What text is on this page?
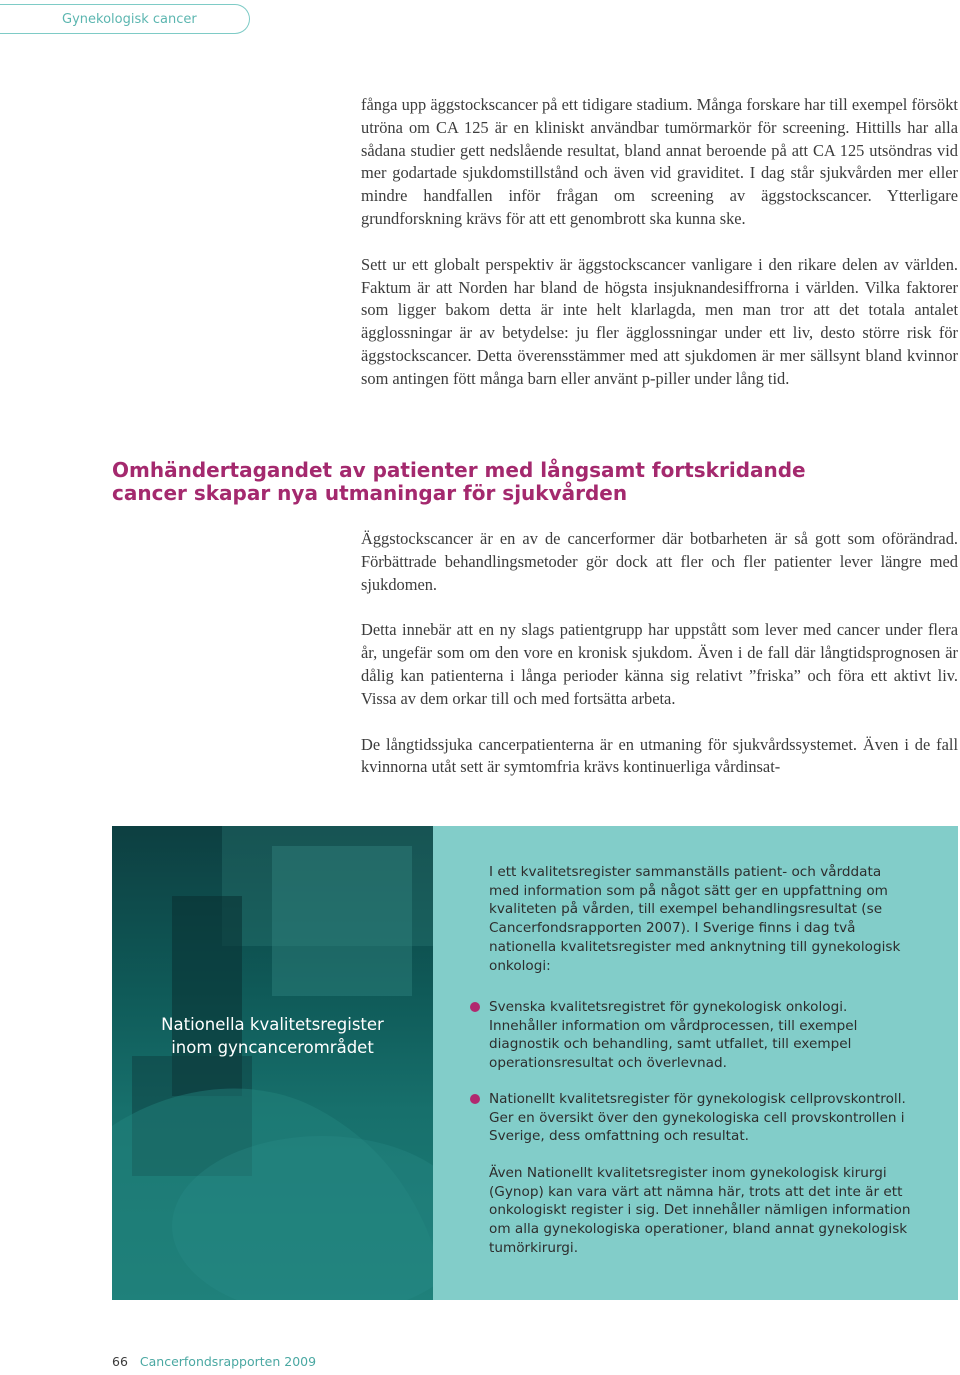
Gynekologisk cancer

fånga upp äggstockscancer på ett tidigare stadium. Många forskare har till exempel försökt utröna om CA 125 är en kliniskt användbar tumörmarkör för screening. Hittills har alla sådana studier gett nedslående resultat, bland annat beroende på att CA 125 utsöndras vid mer godartade sjukdomstillstånd och även vid graviditet. I dag står sjukvården mer eller mindre handfallen inför frågan om screening av äggstockscancer. Ytterligare grundforskning krävs för att ett genombrott ska kunna ske.

Sett ur ett globalt perspektiv är äggstockscancer vanligare i den rikare delen av världen. Faktum är att Norden har bland de högsta insjuknandesiffrorna i världen. Vilka faktorer som ligger bakom detta är inte helt klarlagda, men man tror att det totala antalet ägglossningar är av betydelse: ju fler ägglossningar under ett liv, desto större risk för äggstockscancer. Detta överensstämmer med att sjukdomen är mer sällsynt bland kvinnor som antingen fött många barn eller använt p-piller under lång tid.

Omhändertagandet av patienter med långsamt fortskridande
cancer skapar nya utmaningar för sjukvården

Äggstockscancer är en av de cancerformer där botbarheten är så gott som oförändrad. Förbättrade behandlingsmetoder gör dock att fler och fler patienter lever längre med sjukdomen.

Detta innebär att en ny slags patientgrupp har uppstått som lever med cancer under flera år, ungefär som om den vore en kronisk sjukdom. Även i de fall där långtidsprognosen är dålig kan patienterna i långa perioder känna sig relativt ”friska” och föra ett aktivt liv. Vissa av dem orkar till och med fortsätta arbeta.

De långtidssjuka cancerpatienterna är en utmaning för sjukvårdssystemet. Även i de fall kvinnorna utåt sett är symtomfria krävs kontinuerliga vårdinsat-

Nationella kvalitetsregister
inom gyncancerområdet

I ett kvalitetsregister sammanställs patient- och vårddata med information som på något sätt ger en uppfattning om kvaliteten på vården, till exempel behandlingsresultat (se Cancerfondsrapporten 2007). I Sverige finns i dag två nationella kvalitetsregister med anknytning till gynekologisk onkologi:

Svenska kvalitetsregistret för gynekologisk onkologi. Innehåller information om vårdprocessen, till exempel diagnostik och behandling, samt utfallet, till exempel operationsresultat och överlevnad.

Nationellt kvalitetsregister för gynekologisk cellprovskontroll. Ger en översikt över den gynekologiska cell provskontrollen i Sverige, dess omfattning och resultat.

Även Nationellt kvalitetsregister inom gynekologisk kirurgi (Gynop) kan vara värt att nämna här, trots att det inte är ett onkologiskt register i sig. Det innehåller nämligen information om alla gynekologiska operationer, bland annat gynekologisk tumörkirurgi.

66 Cancerfondsrapporten 2009
